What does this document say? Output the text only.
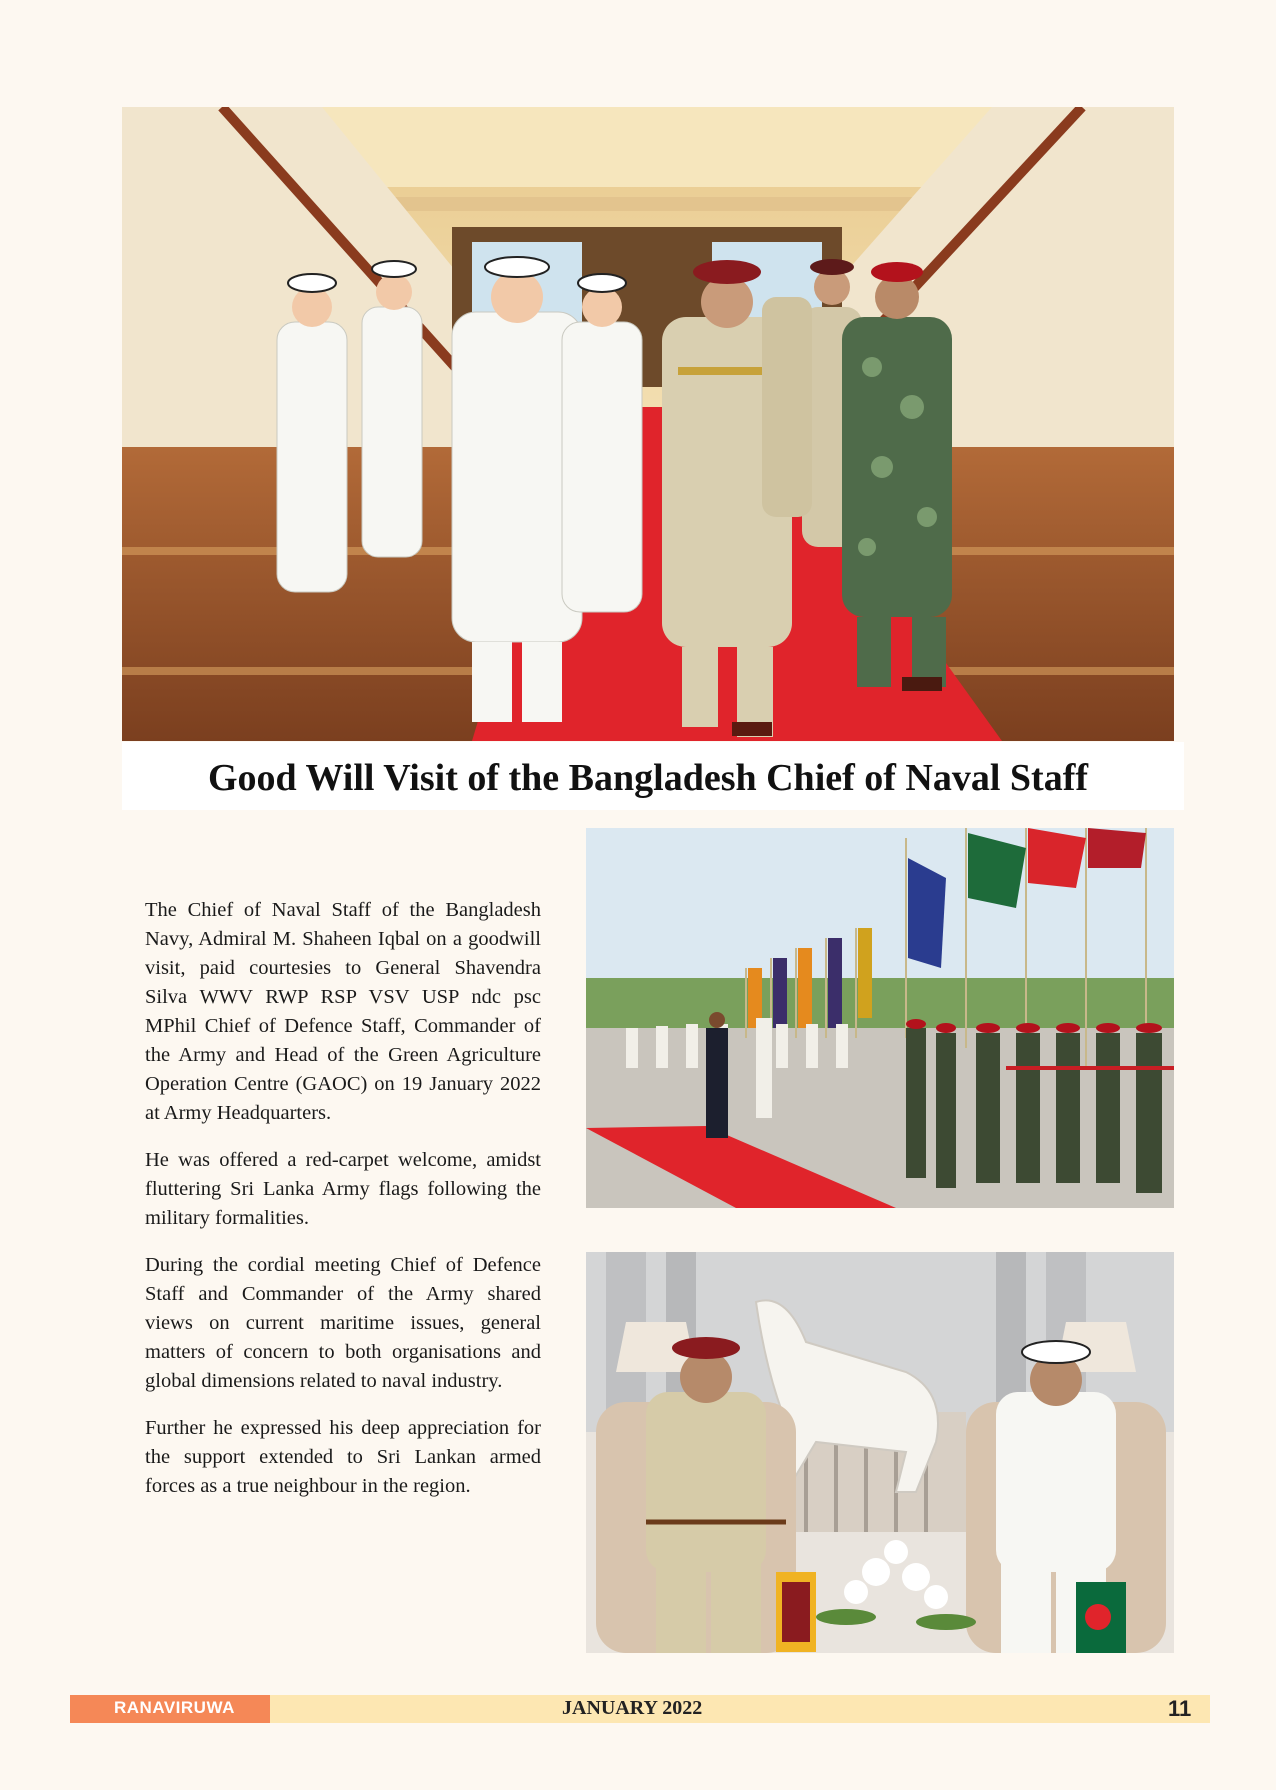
Good Will Visit of the Bangladesh Chief of Naval Staff

The Chief of Naval Staff of the Bangladesh Navy, Admiral M. Shaheen Iqbal on a goodwill visit, paid courtesies to General Shavendra Silva WWV RWP RSP VSV USP ndc psc MPhil Chief of Defence Staff, Commander of the Army and Head of the Green Agriculture Operation Centre (GAOC) on 19 January 2022 at Army Headquarters.

He was offered a red-carpet welcome, amidst fluttering Sri Lanka Army flags following the military formalities.

During the cordial meeting Chief of Defence Staff and Commander of the Army shared views on current maritime issues, general matters of concern to both organisations and global dimensions related to naval industry.

Further he expressed his deep appreciation for the support extended to Sri Lankan armed forces as a true neighbour in the region.

RANAVIRUWA	JANUARY 2022	11
